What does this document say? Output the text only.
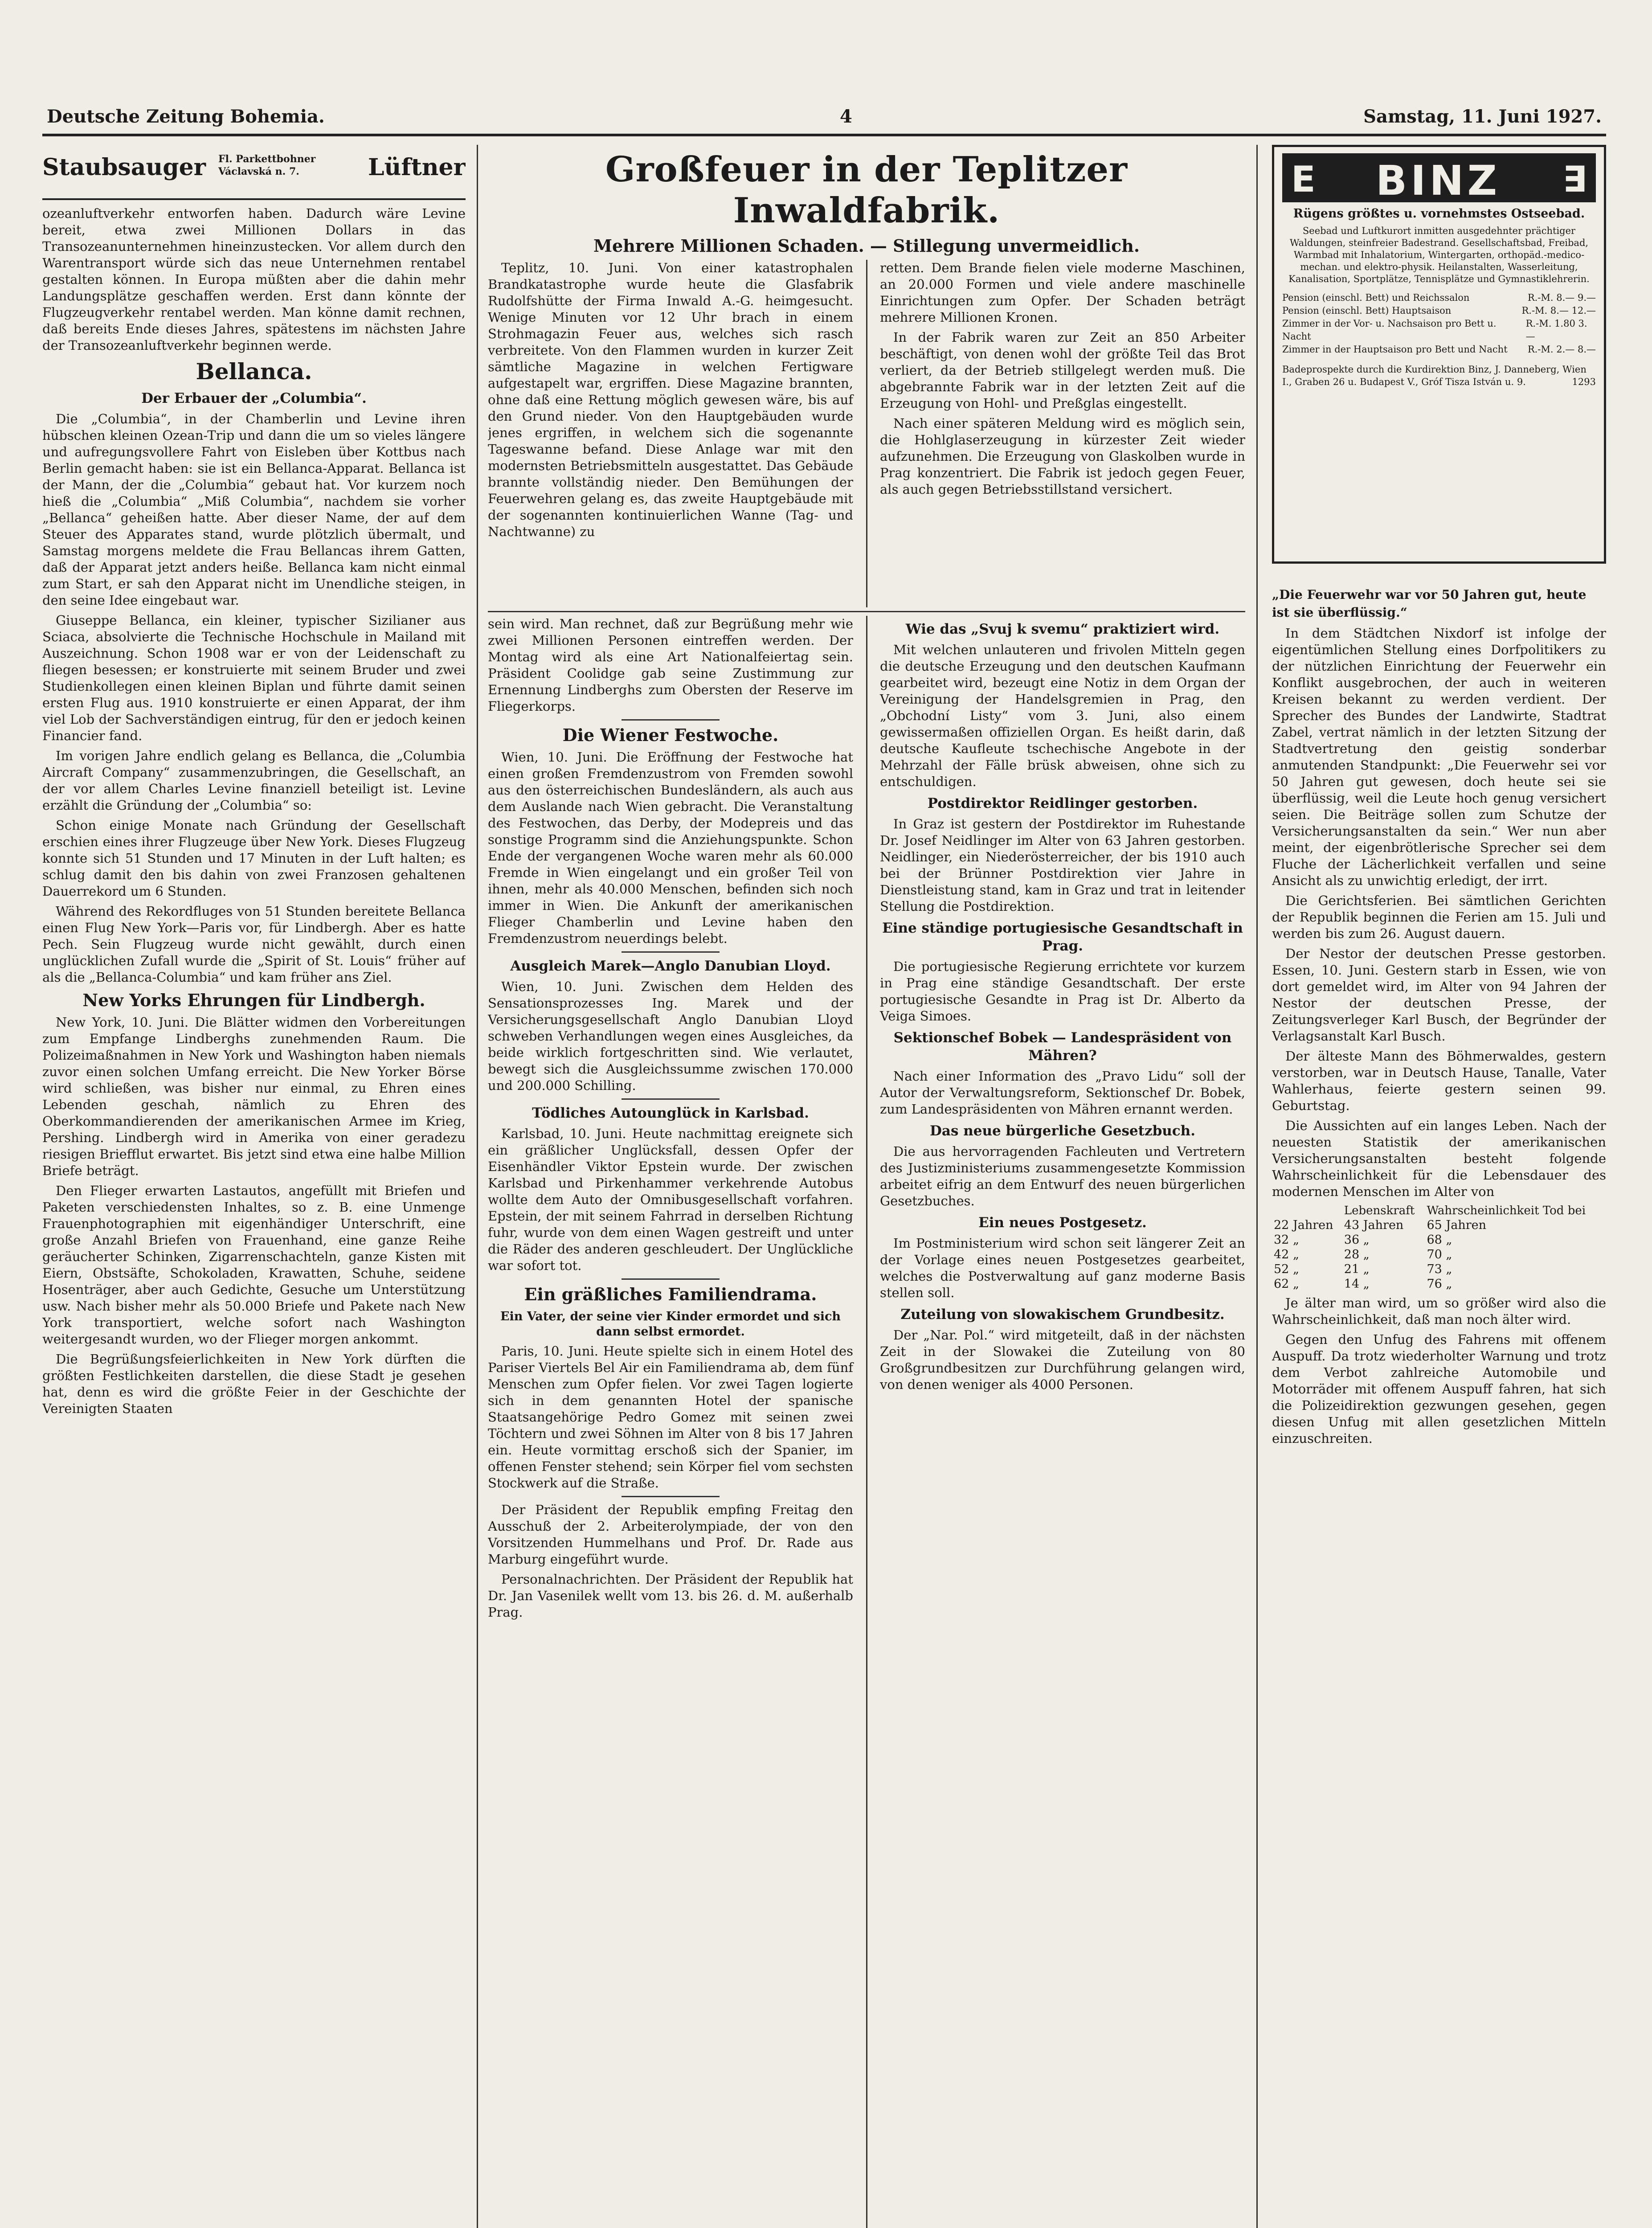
Deutsche Zeitung Bohemia.	4	Samstag, 11. Juni 1927.
Staubsauger Fl. Parkettbohner
Václavská n. 7.	Lüftner

ozeanluftverkehr entworfen haben. Dadurch wäre Levine bereit, etwa zwei Millionen Dollars in das Transozeanunternehmen hineinzustecken. Vor allem durch den Warentransport würde sich das neue Unternehmen rentabel gestalten können. In Europa müßten aber die dahin mehr Landungsplätze geschaffen werden. Erst dann könnte der Flugzeugverkehr rentabel werden. Man könne damit rechnen, daß bereits Ende dieses Jahres, spätestens im nächsten Jahre der Transozeanluftverkehr beginnen werde.

Bellanca.
Der Erbauer der „Columbia“.

Die „Columbia“, in der Chamberlin und Levine ihren hübschen kleinen Ozean-Trip und dann die um so vieles längere und aufregungsvollere Fahrt von Eisleben über Kottbus nach Berlin gemacht haben: sie ist ein Bellanca-Apparat. Bellanca ist der Mann, der die „Columbia“ gebaut hat. Vor kurzem noch hieß die „Columbia“ „Miß Columbia“, nachdem sie vorher „Bellanca“ geheißen hatte. Aber dieser Name, der auf dem Steuer des Apparates stand, wurde plötzlich übermalt, und Samstag morgens meldete die Frau Bellancas ihrem Gatten, daß der Apparat jetzt anders heiße. Bellanca kam nicht einmal zum Start, er sah den Apparat nicht im Unendliche steigen, in den seine Idee eingebaut war.

Giuseppe Bellanca, ein kleiner, typischer Sizilianer aus Sciaca, absolvierte die Technische Hochschule in Mailand mit Auszeichnung. Schon 1908 war er von der Leidenschaft zu fliegen besessen; er konstruierte mit seinem Bruder und zwei Studienkollegen einen kleinen Biplan und führte damit seinen ersten Flug aus. 1910 konstruierte er einen Apparat, der ihm viel Lob der Sachverständigen eintrug, für den er jedoch keinen Financier fand.

Im vorigen Jahre endlich gelang es Bellanca, die „Columbia Aircraft Company“ zusammenzubringen, die Gesellschaft, an der vor allem Charles Levine finanziell beteiligt ist. Levine erzählt die Gründung der „Columbia“ so:

Schon einige Monate nach Gründung der Gesellschaft erschien eines ihrer Flugzeuge über New York. Dieses Flugzeug konnte sich 51 Stunden und 17 Minuten in der Luft halten; es schlug damit den bis dahin von zwei Franzosen gehaltenen Dauerrekord um 6 Stunden.

Während des Rekordfluges von 51 Stunden bereitete Bellanca einen Flug New York—Paris vor, für Lindbergh. Aber es hatte Pech. Sein Flugzeug wurde nicht gewählt, durch einen unglücklichen Zufall wurde die „Spirit of St. Louis“ früher auf als die „Bellanca-Columbia“ und kam früher ans Ziel.

New Yorks Ehrungen für Lindbergh.

New York, 10. Juni. Die Blätter widmen den Vorbereitungen zum Empfange Lindberghs zunehmenden Raum. Die Polizeimaßnahmen in New York und Washington haben niemals zuvor einen solchen Umfang erreicht. Die New Yorker Börse wird schließen, was bisher nur einmal, zu Ehren eines Lebenden geschah, nämlich zu Ehren des Oberkommandierenden der amerikanischen Armee im Krieg, Pershing. Lindbergh wird in Amerika von einer geradezu riesigen Briefflut erwartet. Bis jetzt sind etwa eine halbe Million Briefe beträgt.

Den Flieger erwarten Lastautos, angefüllt mit Briefen und Paketen verschiedensten Inhaltes, so z. B. eine Unmenge Frauenphotographien mit eigenhändiger Unterschrift, eine große Anzahl Briefen von Frauenhand, eine ganze Reihe geräucherter Schinken, Zigarrenschachteln, ganze Kisten mit Eiern, Obstsäfte, Schokoladen, Krawatten, Schuhe, seidene Hosenträger, aber auch Gedichte, Gesuche um Unterstützung usw. Nach bisher mehr als 50.000 Briefe und Pakete nach New York transportiert, welche sofort nach Washington weitergesandt wurden, wo der Flieger morgen ankommt.

Die Begrüßungsfeierlichkeiten in New York dürften die größten Festlichkeiten darstellen, die diese Stadt je gesehen hat, denn es wird die größte Feier in der Geschichte der Vereinigten Staaten

Großfeuer in der Teplitzer Inwaldfabrik.
Mehrere Millionen Schaden. — Stillegung unvermeidlich.

Teplitz, 10. Juni. Von einer katastrophalen Brandkatastrophe wurde heute die Glasfabrik Rudolfshütte der Firma Inwald A.-G. heimgesucht. Wenige Minuten vor 12 Uhr brach in einem Strohmagazin Feuer aus, welches sich rasch verbreitete. Von den Flammen wurden in kurzer Zeit sämtliche Magazine in welchen Fertigware aufgestapelt war, ergriffen. Diese Magazine brannten, ohne daß eine Rettung möglich gewesen wäre, bis auf den Grund nieder. Von den Hauptgebäuden wurde jenes ergriffen, in welchem sich die sogenannte Tageswanne befand. Diese Anlage war mit den modernsten Betriebsmitteln ausgestattet. Das Gebäude brannte vollständig nieder. Den Bemühungen der Feuerwehren gelang es, das zweite Hauptgebäude mit der sogenannten kontinuierlichen Wanne (Tag- und Nachtwanne) zu

retten. Dem Brande fielen viele moderne Maschinen, an 20.000 Formen und viele andere maschinelle Einrichtungen zum Opfer. Der Schaden beträgt mehrere Millionen Kronen.

In der Fabrik waren zur Zeit an 850 Arbeiter beschäftigt, von denen wohl der größte Teil das Brot verliert, da der Betrieb stillgelegt werden muß. Die abgebrannte Fabrik war in der letzten Zeit auf die Erzeugung von Hohl- und Preßglas eingestellt.

Nach einer späteren Meldung wird es möglich sein, die Hohlglaserzeugung in kürzester Zeit wieder aufzunehmen. Die Erzeugung von Glaskolben wurde in Prag konzentriert. Die Fabrik ist jedoch gegen Feuer, als auch gegen Betriebsstillstand versichert.

sein wird. Man rechnet, daß zur Begrüßung mehr wie zwei Millionen Personen eintreffen werden. Der Montag wird als eine Art Nationalfeiertag sein. Präsident Coolidge gab seine Zustimmung zur Ernennung Lindberghs zum Obersten der Reserve im Fliegerkorps.

Die Wiener Festwoche.

Wien, 10. Juni. Die Eröffnung der Festwoche hat einen großen Fremdenzustrom von Fremden sowohl aus den österreichischen Bundesländern, als auch aus dem Auslande nach Wien gebracht. Die Veranstaltung des Festwochen, das Derby, der Modepreis und das sonstige Programm sind die Anziehungspunkte. Schon Ende der vergangenen Woche waren mehr als 60.000 Fremde in Wien eingelangt und ein großer Teil von ihnen, mehr als 40.000 Menschen, befinden sich noch immer in Wien. Die Ankunft der amerikanischen Flieger Chamberlin und Levine haben den Fremdenzustrom neuerdings belebt.

Ausgleich Marek—Anglo Danubian Lloyd.

Wien, 10. Juni. Zwischen dem Helden des Sensationsprozesses Ing. Marek und der Versicherungsgesellschaft Anglo Danubian Lloyd schweben Verhandlungen wegen eines Ausgleiches, da beide wirklich fortgeschritten sind. Wie verlautet, bewegt sich die Ausgleichssumme zwischen 170.000 und 200.000 Schilling.

Tödliches Autounglück in Karlsbad.

Karlsbad, 10. Juni. Heute nachmittag ereignete sich ein gräßlicher Unglücksfall, dessen Opfer der Eisenhändler Viktor Epstein wurde. Der zwischen Karlsbad und Pirkenhammer verkehrende Autobus wollte dem Auto der Omnibusgesellschaft vorfahren. Epstein, der mit seinem Fahrrad in derselben Richtung fuhr, wurde von dem einen Wagen gestreift und unter die Räder des anderen geschleudert. Der Unglückliche war sofort tot.

Ein gräßliches Familiendrama.
Ein Vater, der seine vier Kinder ermordet und sich dann selbst ermordet.

Paris, 10. Juni. Heute spielte sich in einem Hotel des Pariser Viertels Bel Air ein Familiendrama ab, dem fünf Menschen zum Opfer fielen. Vor zwei Tagen logierte sich in dem genannten Hotel der spanische Staatsangehörige Pedro Gomez mit seinen zwei Töchtern und zwei Söhnen im Alter von 8 bis 17 Jahren ein. Heute vormittag erschoß sich der Spanier, im offenen Fenster stehend; sein Körper fiel vom sechsten Stockwerk auf die Straße.

Der Präsident der Republik empfing Freitag den Ausschuß der 2. Arbeiterolympiade, der von den Vorsitzenden Hummelhans und Prof. Dr. Rade aus Marburg eingeführt wurde.

Personalnachrichten. Der Präsident der Republik hat Dr. Jan Vasenilek wellt vom 13. bis 26. d. M. außerhalb Prag.

Wie das „Svuj k svemu“ praktiziert wird.

Mit welchen unlauteren und frivolen Mitteln gegen die deutsche Erzeugung und den deutschen Kaufmann gearbeitet wird, bezeugt eine Notiz in dem Organ der Vereinigung der Handelsgremien in Prag, den „Obchodní Listy“ vom 3. Juni, also einem gewissermaßen offiziellen Organ. Es heißt darin, daß deutsche Kaufleute tschechische Angebote in der Mehrzahl der Fälle brüsk abweisen, ohne sich zu entschuldigen.

Postdirektor Reidlinger gestorben.

In Graz ist gestern der Postdirektor im Ruhestande Dr. Josef Neidlinger im Alter von 63 Jahren gestorben. Neidlinger, ein Niederösterreicher, der bis 1910 auch bei der Brünner Postdirektion vier Jahre in Dienstleistung stand, kam in Graz und trat in leitender Stellung die Postdirektion.

Eine ständige portugiesische Gesandtschaft in Prag.

Die portugiesische Regierung errichtete vor kurzem in Prag eine ständige Gesandtschaft. Der erste portugiesische Gesandte in Prag ist Dr. Alberto da Veiga Simoes.

Sektionschef Bobek — Landespräsident von Mähren?

Nach einer Information des „Pravo Lidu“ soll der Autor der Verwaltungsreform, Sektionschef Dr. Bobek, zum Landespräsidenten von Mähren ernannt werden.

Das neue bürgerliche Gesetzbuch.

Die aus hervorragenden Fachleuten und Vertretern des Justizministeriums zusammengesetzte Kommission arbeitet eifrig an dem Entwurf des neuen bürgerlichen Gesetzbuches.

Ein neues Postgesetz.

Im Postministerium wird schon seit längerer Zeit an der Vorlage eines neuen Postgesetzes gearbeitet, welches die Postverwaltung auf ganz moderne Basis stellen soll.

Zuteilung von slowakischem Grundbesitz.

Der „Nar. Pol.“ wird mitgeteilt, daß in der nächsten Zeit in der Slowakei die Zuteilung von 80 Großgrundbesitzen zur Durchführung gelangen wird, von denen weniger als 4000 Personen.

E BINZ ∃
Rügens größtes u. vornehmstes Ostseebad.
Seebad und Luftkurort inmitten ausgedehnter prächtiger Waldungen, steinfreier Badestrand. Gesellschaftsbad, Freibad, Warmbad mit Inhalatorium, Wintergarten, orthopäd.-medico-mechan. und elektro-physik. Heilanstalten, Wasserleitung, Kanalisation, Sportplätze, Tennisplätze und Gymnastiklehrerin.
Pension (einschl. Bett) und Reichssalon	R.-M. 8.— 9.—
Pension (einschl. Bett) Hauptsaison	R.-M. 8.— 12.—
Zimmer in der Vor- u. Nachsaison pro Bett u. Nacht
R.-M. 1.80 3.—
Zimmer in der Hauptsaison pro Bett und Nacht R.-M. 2.— 8.—
Badeprospekte durch die Kurdirektion Binz, J. Danneberg, Wien I., Graben 26 u. Budapest V., Gróf Tisza István u. 9.	1293
„Die Feuerwehr war vor 50 Jahren gut, heute ist sie überflüssig.“

In dem Städtchen Nixdorf ist infolge der eigentümlichen Stellung eines Dorfpolitikers zu der nützlichen Einrichtung der Feuerwehr ein Konflikt ausgebrochen, der auch in weiteren Kreisen bekannt zu werden verdient. Der Sprecher des Bundes der Landwirte, Stadtrat Zabel, vertrat nämlich in der letzten Sitzung der Stadtvertretung den geistig sonderbar anmutenden Standpunkt: „Die Feuerwehr sei vor 50 Jahren gut gewesen, doch heute sei sie überflüssig, weil die Leute hoch genug versichert seien. Die Beiträge sollen zum Schutze der Versicherungsanstalten da sein.“ Wer nun aber meint, der eigenbrötlerische Sprecher sei dem Fluche der Lächerlichkeit verfallen und seine Ansicht als zu unwichtig erledigt, der irrt.

Die Gerichtsferien. Bei sämtlichen Gerichten der Republik beginnen die Ferien am 15. Juli und werden bis zum 26. August dauern.

Der Nestor der deutschen Presse gestorben. Essen, 10. Juni. Gestern starb in Essen, wie von dort gemeldet wird, im Alter von 94 Jahren der Nestor der deutschen Presse, der Zeitungsverleger Karl Busch, der Begründer der Verlagsanstalt Karl Busch.

Der älteste Mann des Böhmerwaldes, gestern verstorben, war in Deutsch Hause, Tanalle, Vater Wahlerhaus, feierte gestern seinen 99. Geburtstag.

Die Aussichten auf ein langes Leben. Nach der neuesten Statistik der amerikanischen Versicherungsanstalten besteht folgende Wahrscheinlichkeit für die Lebensdauer des modernen Menschen im Alter von

	Lebenskraft	Wahrscheinlichkeit Tod bei
22 Jahren	43 Jahren	65 Jahren
32 „	36 „	68 „
42 „	28 „	70 „
52 „	21 „	73 „
62 „	14 „	76 „

Je älter man wird, um so größer wird also die Wahrscheinlichkeit, daß man noch älter wird.

Gegen den Unfug des Fahrens mit offenem Auspuff. Da trotz wiederholter Warnung und trotz dem Verbot zahlreiche Automobile und Motorräder mit offenem Auspuff fahren, hat sich die Polizeidirektion gezwungen gesehen, gegen diesen Unfug mit allen gesetzlichen Mitteln einzuschreiten.
